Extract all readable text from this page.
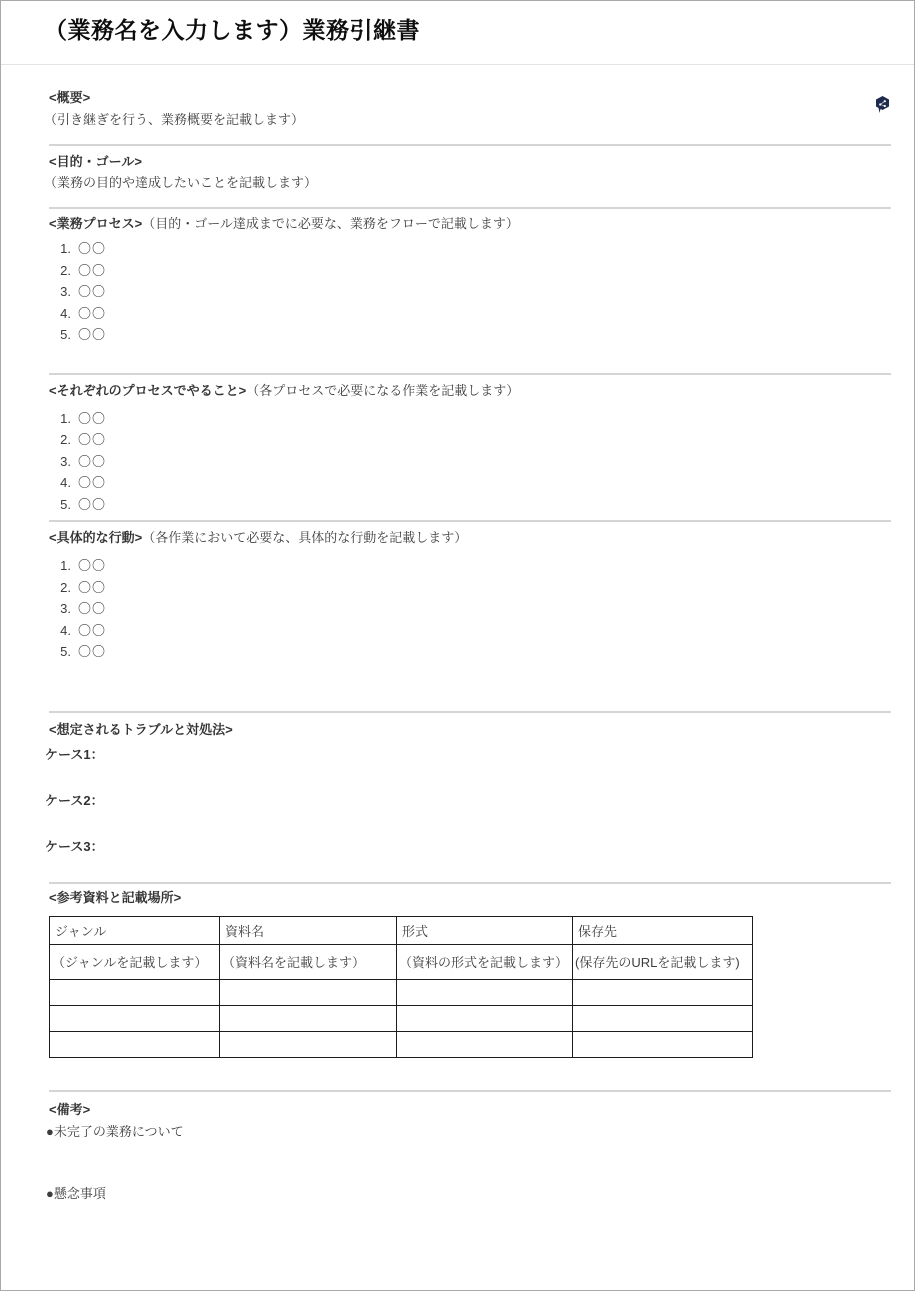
（業務名を入力します）業務引継書
<概要>
（引き継ぎを行う、業務概要を記載します）
<目的・ゴール>
（業務の目的や達成したいことを記載します）
<業務プロセス>（目的・ゴール達成までに必要な、業務をフローで記載します）
1. 〇〇
2. 〇〇
3. 〇〇
4. 〇〇
5. 〇〇
<それぞれのプロセスでやること>（各プロセスで必要になる作業を記載します）
1. 〇〇
2. 〇〇
3. 〇〇
4. 〇〇
5. 〇〇
<具体的な行動>（各作業において必要な、具体的な行動を記載します）
1. 〇〇
2. 〇〇
3. 〇〇
4. 〇〇
5. 〇〇
<想定されるトラブルと対処法>
ケース1：
ケース2：
ケース3：
<参考資料と記載場所>
ジャンル	資料名	形式	保存先
（ジャンルを記載します）	（資料名を記載します）	（資料の形式を記載します）	(保存先のURLを記載します)

<備考>
●未完了の業務について
●懸念事項
